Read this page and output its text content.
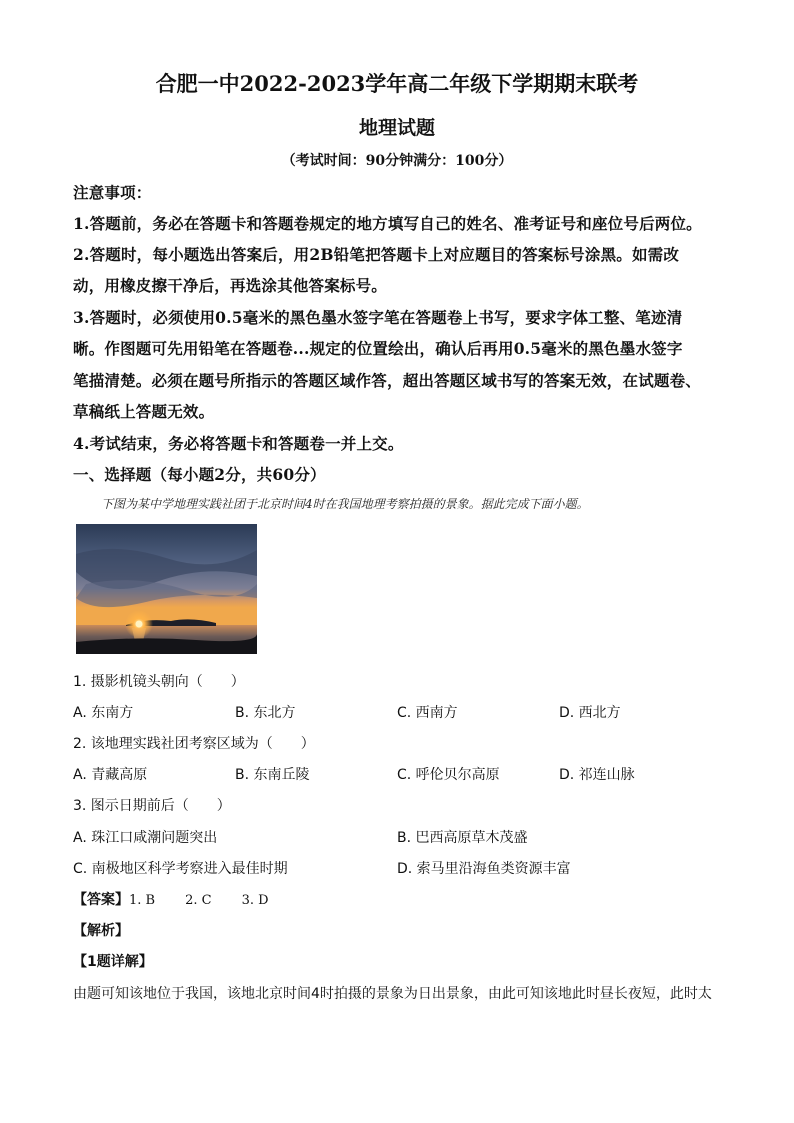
合肥一中2022-2023学年高二年级下学期期末联考
地理试题
（考试时间：90分钟满分：100分）
注意事项：
1.答题前，务必在答题卡和答题卷规定的地方填写自己的姓名、准考证号和座位号后两位。
2.答题时，每小题选出答案后，用2B铅笔把答题卡上对应题目的答案标号涂黑。如需改
动，用橡皮擦干净后，再选涂其他答案标号。
3.答题时，必须使用0.5毫米的黑色墨水签字笔在答题卷上书写，要求字体工整、笔迹清
晰。作图题可先用铅笔在答题卷...规定的位置绘出，确认后再用0.5毫米的黑色墨水签字
笔描清楚。必须在题号所指示的答题区域作答，超出答题区域书写的答案无效，在试题卷、
草稿纸上答题无效。
4.考试结束，务必将答题卡和答题卷一并上交。
一、选择题（每小题2分，共60分）
下图为某中学地理实践社团于北京时间4时在我国地理考察拍摄的景象。据此完成下面小题。
1. 摄影机镜头朝向（　　）
A. 东南方	B. 东北方	C. 西南方	D. 西北方
2. 该地理实践社团考察区域为（　　）
A. 青藏高原	B. 东南丘陵	C. 呼伦贝尔高原	D. 祁连山脉
3. 图示日期前后（　　）
A. 珠江口咸潮问题突出	B. 巴西高原草木茂盛
C. 南极地区科学考察进入最佳时期	D. 索马里沿海鱼类资源丰富
【答案】1. B 2. C 3. D
【解析】
【1题详解】
由题可知该地位于我国，该地北京时间4时拍摄的景象为日出景象，由此可知该地此时昼长夜短，此时太
